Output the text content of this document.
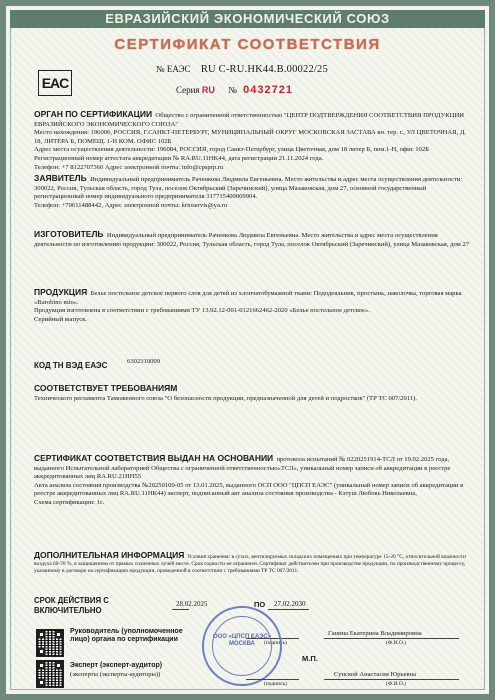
ЕВРАЗИЙСКИЙ ЭКОНОМИЧЕСКИЙ СОЮЗ
СЕРТИФИКАТ СООТВЕТСТВИЯ
EAC
№ ЕАЭС RU C-RU.HK44.B.00022/25
Серия RU № 0432721
ОРГАН ПО СЕРТИФИКАЦИИ Общество с ограниченной ответственностью "ЦЕНТР ПОДТВЕРЖДЕНИЯ СООТВЕТСТВИЯ ПРОДУКЦИИ ЕВРАЗИЙСКОГО ЭКОНОМИЧЕСКОГО СОЮЗА"
Место нахождения: 196006, РОССИЯ, Г.САНКТ-ПЕТЕРБУРГ, МУНИЦИПАЛЬНЫЙ ОКРУГ МОСКОВСКАЯ ЗАСТАВА вн. тер. г., УЛ ЦВЕТОЧНАЯ, Д. 18, ЛИТЕРА Б, ПОМЕЩ. 1-Н КОМ. ОФИС 102Б
Адрес места осуществления деятельности: 196084, РОССИЯ, город Санкт-Петербург, улица Цветочная, дом 18 литер Б, пом.1-Н, офис 102Б Регистрационный номер аттестата аккредитации № RA.RU.11HK44, дата регистрации 21.11.2024 года.
Телефон: +7 8122707360 Адрес электронной почты: info@cpsprp.ru
ЗАЯВИТЕЛЬ Индивидуальный предприниматель Раченкова Людмила Евгеньевна. Место жительства и адрес места осуществления деятельности: 300022, Россия, Тульская область, город Тула, поселок Октябрьский (Заречинский), улица Мазаковская, дом 27, основной государственный регистрационный номер индивидуального предпринимателя 317715400069904.
Телефон: +79611488442, Адрес электронной почты: krioservis@ya.ru
ИЗГОТОВИТЕЛЬ Индивидуальный предприниматель Раченкова Людмила Евгеньевна. Место жительства и адрес места осуществления деятельности по изготовлению продукции: 300022, Россия, Тульская область, город Тула, поселок Октябрьский (Заречинский), улица Мазаковская, дом 27
ПРОДУКЦИЯ Белье постельное детское первого слоя для детей из хлопчатобумажной ткани: Пододеяльник, простынь, наволочка, торговая марка «Barobino mio».
Продукция изготовлена в соответствии с требованиями ТУ 13.92.12-001-0121662462-2020 «Белье постельное детское».
Серийный выпуск.
КОД ТН ВЭД ЕАЭС	6302310009
СООТВЕТСТВУЕТ ТРЕБОВАНИЯМ
Технического регламента Таможенного союза "О безопасности продукции, предназначенной для детей и подростков" (ТР ТС 007/2011).
СЕРТИФИКАТ СООТВЕТСТВИЯ ВЫДАН НА ОСНОВАНИИ протокола испытаний № 0220251914-ТСЛ от 19.02.2025 года, выданного Испытательной лабораторией Общества с ограниченной ответственностью«ТСЛ», уникальный номер записи об аккредитации в реестре аккредитованных лиц RA.RU.21НН55
Акта анализа состояния производства №20250109-05 от 13.01.2025, выданного ОСП ООО "ЦПСП ЕАЭС" (уникальный номер записи об аккредитации в реестре аккредитованных лиц RA.RU.11НК44) эксперт, подписанный акт анализа состояния производства - Кэтуш Любовь Николаевна,
Схема сертификации: 1с.
ДОПОЛНИТЕЛЬНАЯ ИНФОРМАЦИЯ Условия хранения: в сухих, вентилируемых складских помещениях при температуре 15-20 °С, относительной влажности воздуха 60-70 %, в защищенном от прямых солнечных лучей месте. Срок годности не ограничен. Сертификат действителен при производстве продукции, по производственному процессу, указанному в договоре на сертификацию продукции, проведенной в соответствии с требованиями ТР ТС 007/2011.
СРОК ДЕЙСТВИЯ С
ВКЛЮЧИТЕЛЬНО
28.02.2025	ПО 27.02.2030
Руководитель (уполномоченное лицо) органа по сертификации	(подпись)
Ганина Екатерина Владимировна
(Ф.И.О.)
ООО «ЦПСП ЕАЭС» МОСКВА
М.П.
Эксперт (эксперт-аудитор)
(эксперты (эксперты-аудиторы))
(подпись)
Сунской Анастасия Юрьевна
(Ф.И.О.)
